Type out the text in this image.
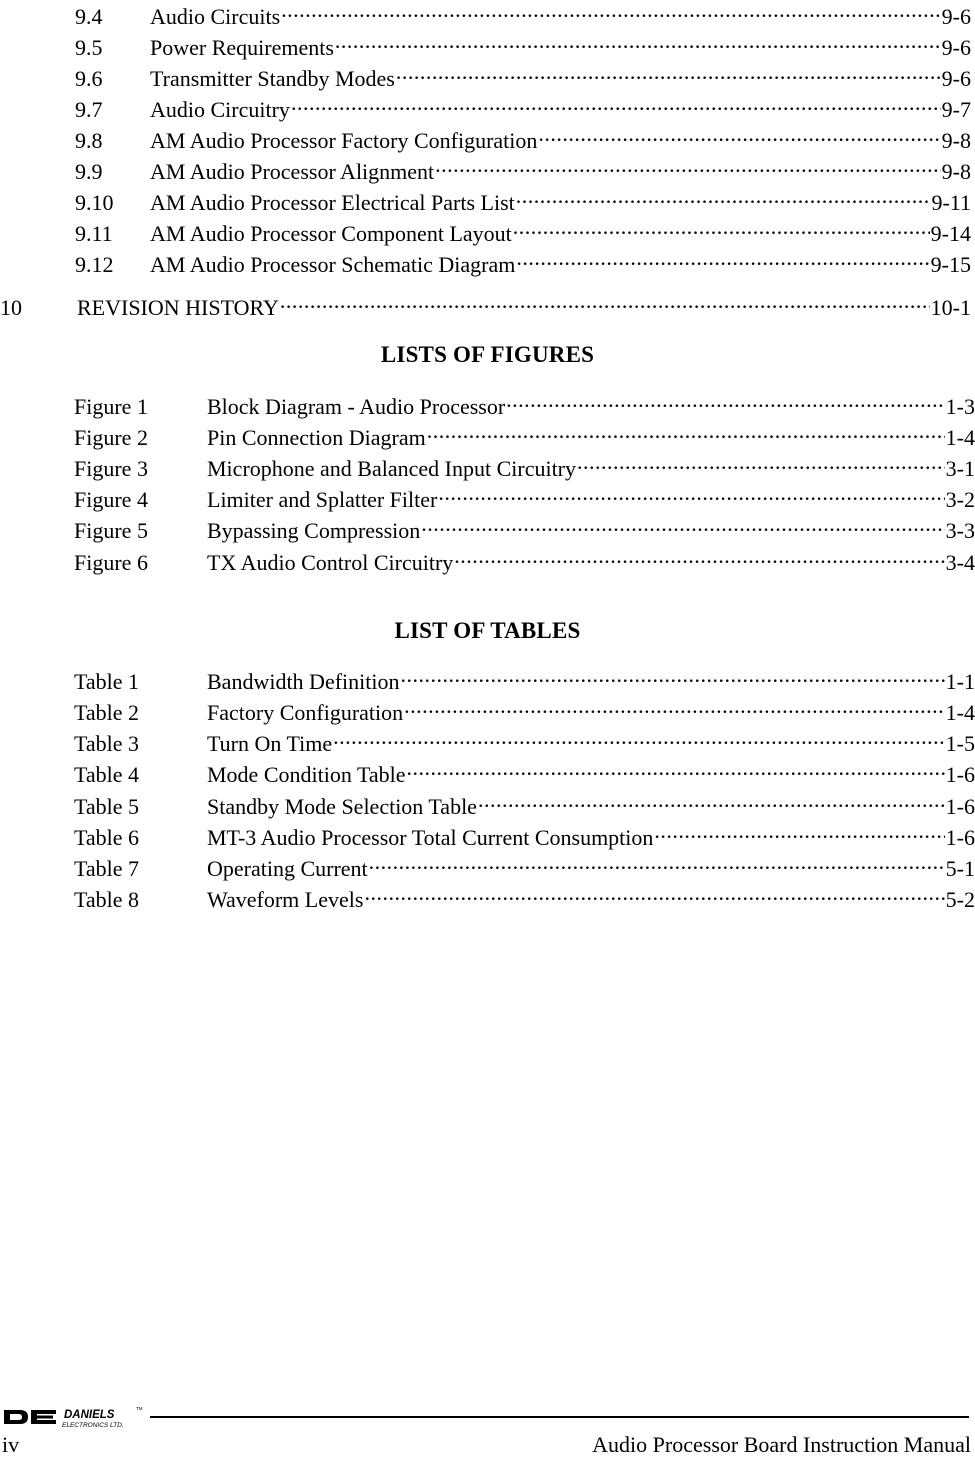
9.4	Audio Circuits .....	9-6
9.5	Power Requirements .....	9-6
9.6	Transmitter Standby Modes .....	9-6
9.7	Audio Circuitry .....	9-7
9.8	AM Audio Processor Factory Configuration .....	9-8
9.9	AM Audio Processor Alignment .....	9-8
9.10	AM Audio Processor Electrical Parts List .....	9-11
9.11	AM Audio Processor Component Layout .....	9-14
9.12	AM Audio Processor Schematic Diagram .....	9-15
10	REVISION HISTORY .....	10-1
LISTS OF FIGURES
Figure 1	Block Diagram - Audio Processor .....	1-3
Figure 2	Pin Connection Diagram .....	1-4
Figure 3	Microphone and Balanced Input Circuitry .....	3-1
Figure 4	Limiter and Splatter Filter .....	3-2
Figure 5	Bypassing Compression .....	3-3
Figure 6	TX Audio Control Circuitry .....	3-4
LIST OF TABLES
Table 1	Bandwidth Definition .....	1-1
Table 2	Factory Configuration .....	1-4
Table 3	Turn On Time .....	1-5
Table 4	Mode Condition Table .....	1-6
Table 5	Standby Mode Selection Table .....	1-6
Table 6	MT-3 Audio Processor Total Current Consumption .....	1-6
Table 7	Operating Current .....	5-1
Table 8	Waveform Levels .....	5-2
DANIELS
TM
ELECTRONICS LTD.
iv	Audio Processor Board Instruction Manual
